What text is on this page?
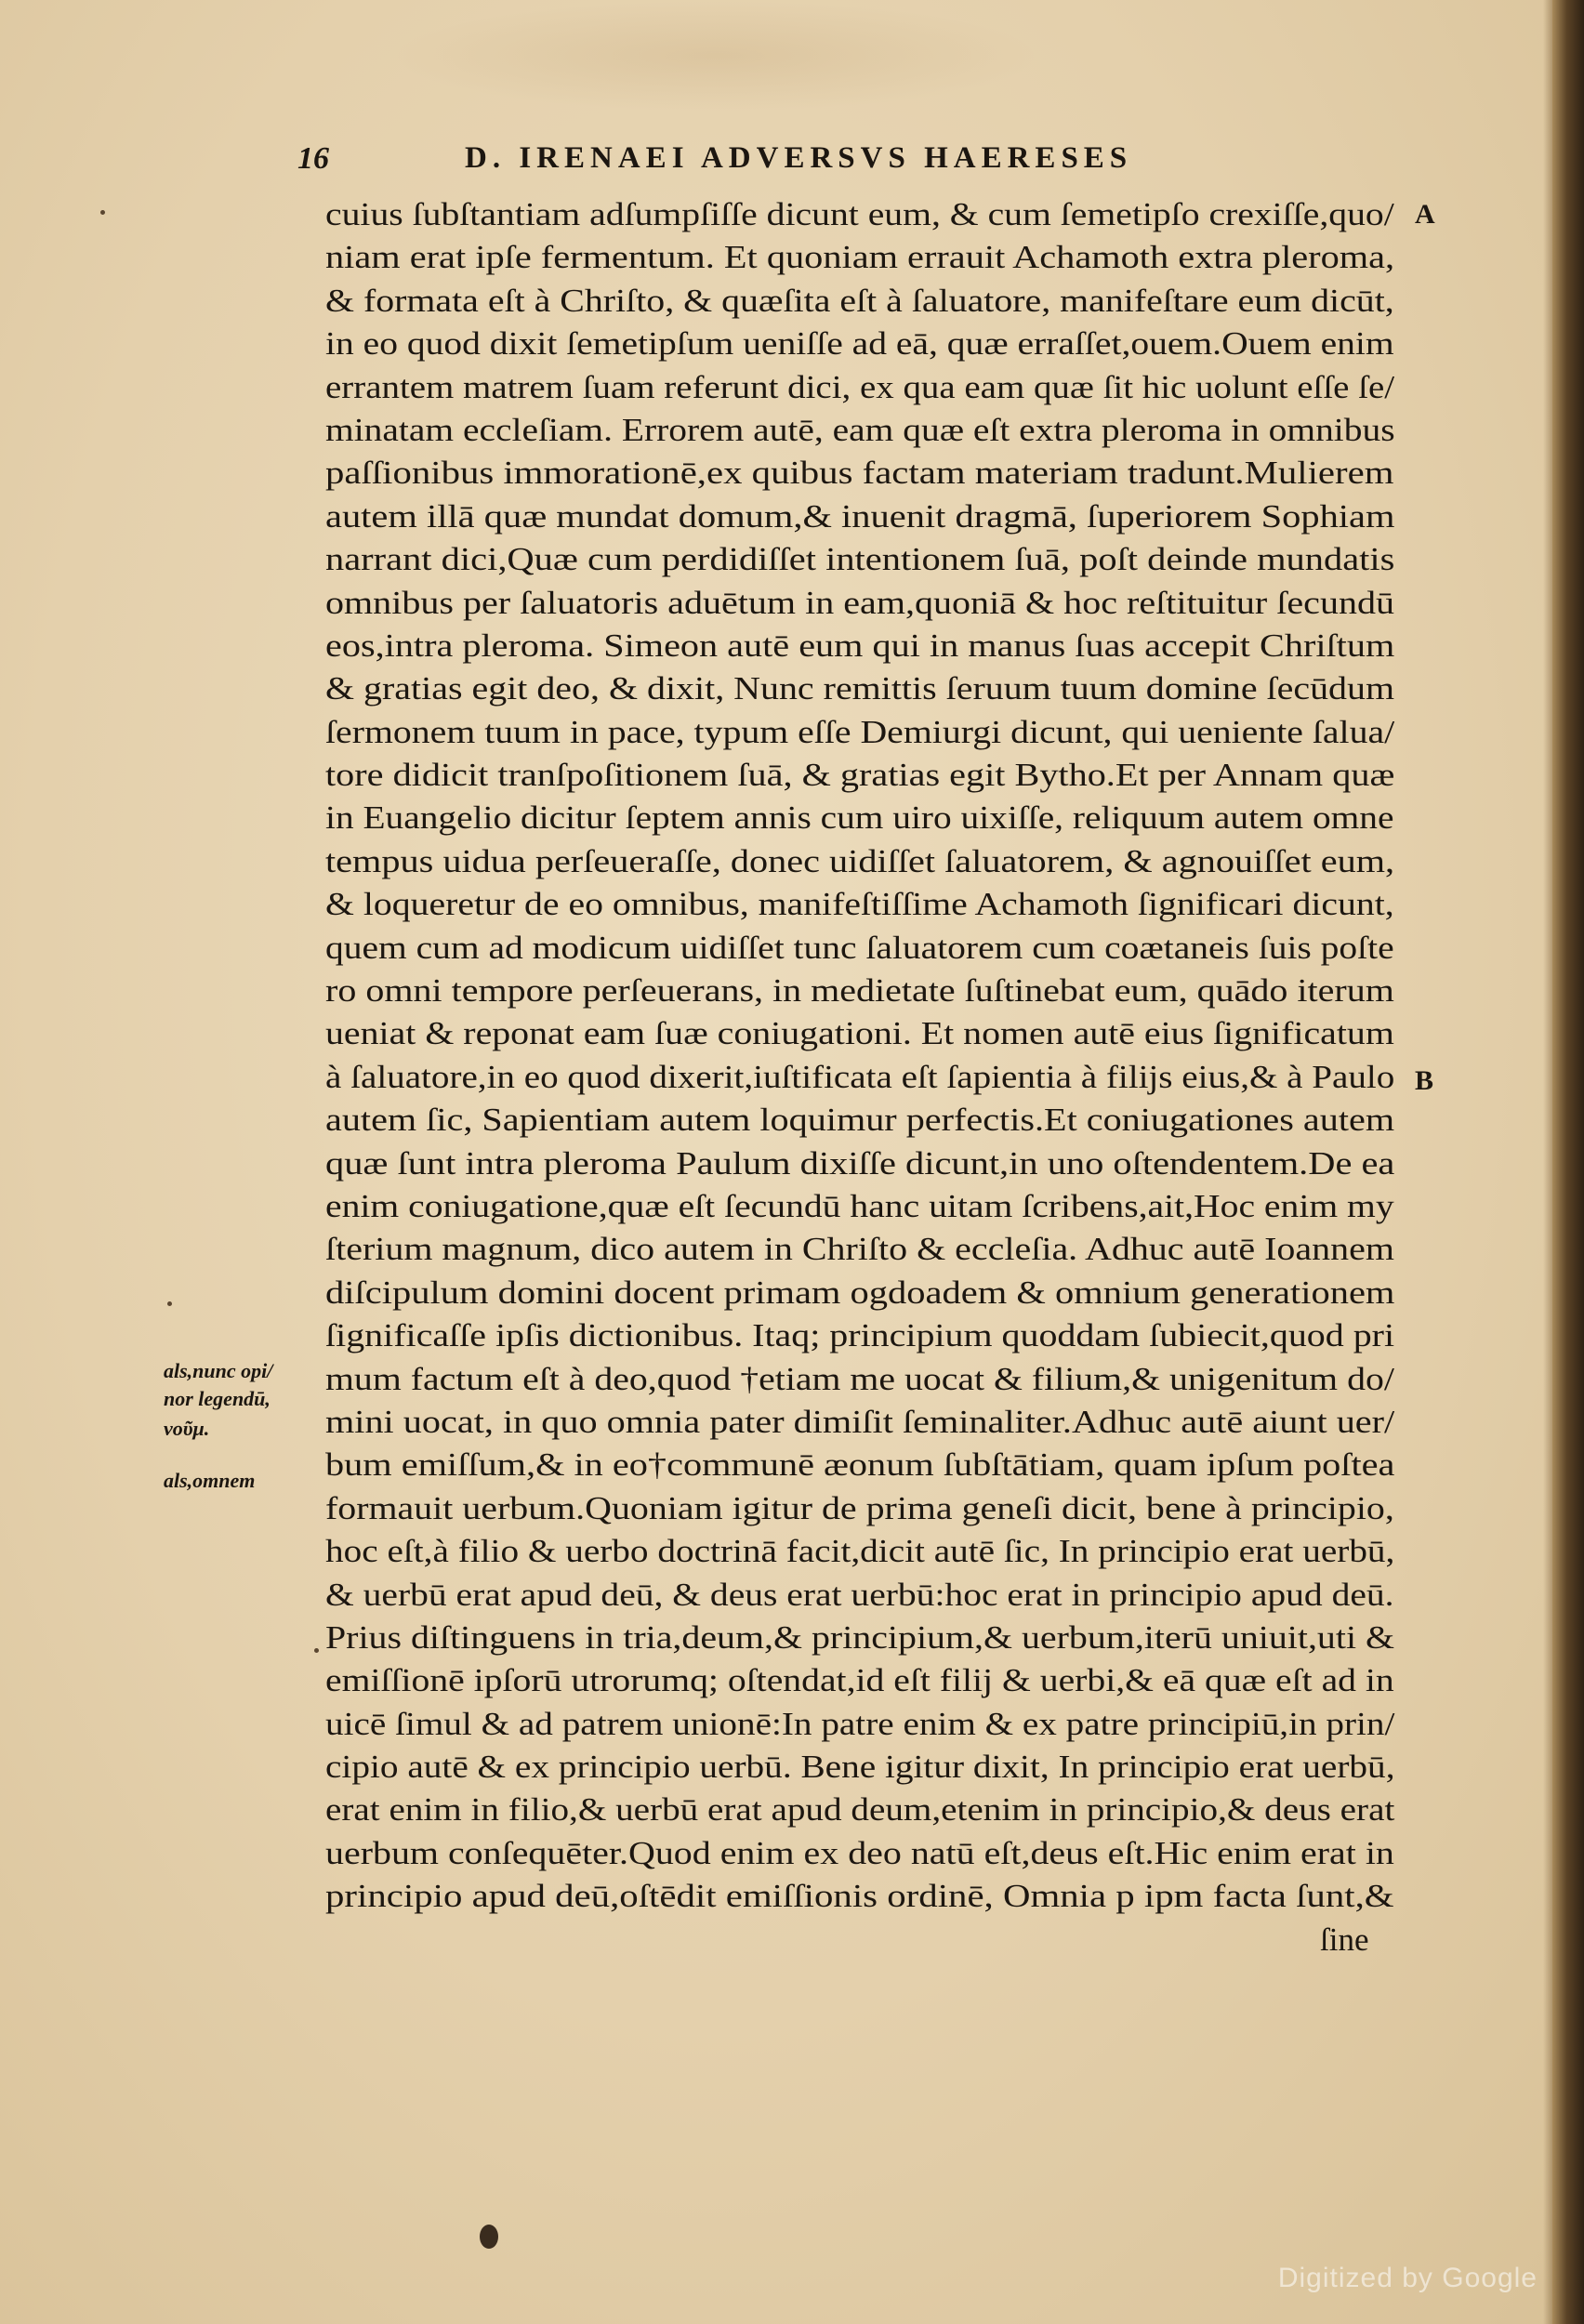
16	D. IRENAEI ADVERSVS HAERESES
cuius ſubſtantiam adſumpſiſſe dicunt eum, & cum ſemetipſo crexiſſe,quo/
niam erat ipſe fermentum. Et quoniam errauit Achamoth extra pleroma,
& formata eſt à Chriſto, & quæſita eſt à ſaluatore, manifeſtare eum dicūt,
in eo quod dixit ſemetipſum ueniſſe ad eā, quæ erraſſet,ouem.Ouem enim
errantem matrem ſuam referunt dici, ex qua eam quæ ſit hic uolunt eſſe ſe/
minatam eccleſiam. Errorem autē, eam quæ eſt extra pleroma in omnibus
paſſionibus immorationē,ex quibus factam materiam tradunt.Mulierem
autem illā quæ mundat domum,& inuenit dragmā, ſuperiorem Sophiam
narrant dici,Quæ cum perdidiſſet intentionem ſuā, poſt deinde mundatis
omnibus per ſaluatoris aduētum in eam,quoniā & hoc reſtituitur ſecundū
eos,intra pleroma. Simeon autē eum qui in manus ſuas accepit Chriſtum
& gratias egit deo, & dixit, Nunc remittis ſeruum tuum domine ſecūdum
ſermonem tuum in pace, typum eſſe Demiurgi dicunt, qui ueniente ſalua/
tore didicit tranſpoſitionem ſuā, & gratias egit Bytho.Et per Annam quæ
in Euangelio dicitur ſeptem annis cum uiro uixiſſe, reliquum autem omne
tempus uidua perſeueraſſe, donec uidiſſet ſaluatorem, & agnouiſſet eum,
& loqueretur de eo omnibus, manifeſtiſſime Achamoth ſignificari dicunt,
quem cum ad modicum uidiſſet tunc ſaluatorem cum coætaneis ſuis poſte
ro omni tempore perſeuerans, in medietate ſuſtinebat eum, quādo iterum
ueniat & reponat eam ſuæ coniugationi. Et nomen autē eius ſignificatum
à ſaluatore,in eo quod dixerit,iuſtificata eſt ſapientia à filijs eius,& à Paulo
autem ſic, Sapientiam autem loquimur perfectis.Et coniugationes autem
quæ ſunt intra pleroma Paulum dixiſſe dicunt,in uno oſtendentem.De ea
enim coniugatione,quæ eſt ſecundū hanc uitam ſcribens,ait,Hoc enim my
ſterium magnum, dico autem in Chriſto & eccleſia. Adhuc autē Ioannem
diſcipulum domini docent primam ogdoadem & omnium generationem
ſignificaſſe ipſis dictionibus. Itaq; principium quoddam ſubiecit,quod pri
mum factum eſt à deo,quod †etiam me uocat & filium,& unigenitum do/
mini uocat, in quo omnia pater dimiſit ſeminaliter.Adhuc autē aiunt uer/
bum emiſſum,& in eo†communē æonum ſubſtātiam, quam ipſum poſtea
formauit uerbum.Quoniam igitur de prima geneſi dicit, bene à principio,
hoc eſt,à filio & uerbo doctrinā facit,dicit autē ſic, In principio erat uerbū,
& uerbū erat apud deū, & deus erat uerbū:hoc erat in principio apud deū.
Prius diſtinguens in tria,deum,& principium,& uerbum,iterū uniuit,uti &
emiſſionē ipſorū utrorumq; oſtendat,id eſt filij & uerbi,& eā quæ eſt ad in
uicē ſimul & ad patrem unionē:In patre enim & ex patre principiū,in prin/
cipio autē & ex principio uerbū. Bene igitur dixit, In principio erat uerbū,
erat enim in filio,& uerbū erat apud deum,etenim in principio,& deus erat
uerbum conſequēter.Quod enim ex deo natū eſt,deus eſt.Hic enim erat in
principio apud deū,oſtēdit emiſſionis ordinē, Omnia p ipm facta ſunt,&
ſine
A
B
als,nunc opi/
nor legendū,
νοῦμ.
als,omnem
Digitized by Google
